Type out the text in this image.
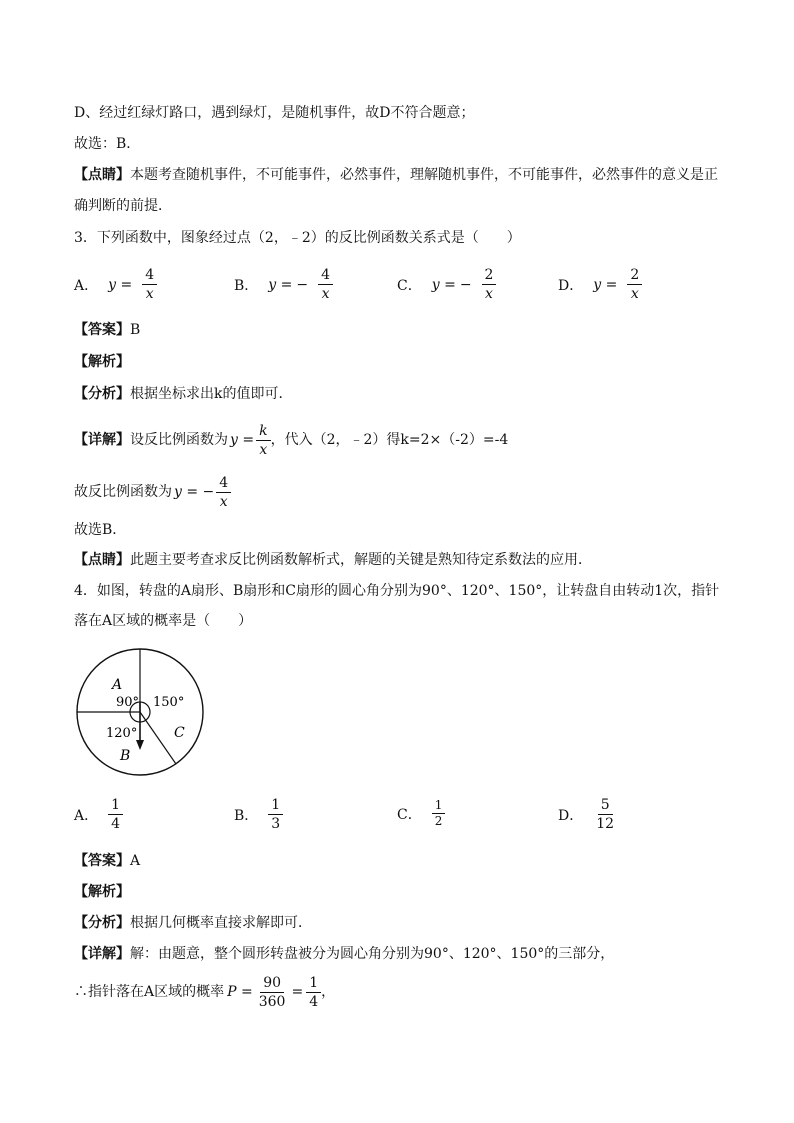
D、经过红绿灯路口，遇到绿灯，是随机事件，故D不符合题意；
故选：B．
【点睛】本题考查随机事件，不可能事件，必然事件，理解随机事件，不可能事件，必然事件的意义是正
确判断的前提．
3．下列函数中，图象经过点（2，﹣2）的反比例函数关系式是（　　）
A． $y = \frac{4}{x}$	B． y = − $\frac{4}{x}$	C． y = − $\frac{2}{x}$	D． $y = \frac{2}{x}$
【答案】B
【解析】
【分析】根据坐标求出k的值即可．
【详解】 设反比例函数为 $y = \frac{k}{x}$ ，代入（2，﹣2）得k=2×（-2）=-4
故反比例函数为 y = − $\frac{4}{x}$
故选B．
【点睛】此题主要考查求反比例函数解析式，解题的关键是熟知待定系数法的应用．
4．如图，转盘的A扇形、B扇形和C扇形的圆心角分别为90°、120°、150°，让转盘自由转动1次，指针
落在A区域的概率是（　　）
A
90° 150°
120°	C
B
A． $\frac{1}{4}$	B． $\frac{1}{3}$	C． $\frac{1}{2}$	D． $\frac{5}{12}$
【答案】A
【解析】
【分析】根据几何概率直接求解即可．
【详解】解：由题意，整个圆形转盘被分为圆心角分别为90°、120°、150°的三部分，
∴指针落在A区域的概率 $P = \frac{90}{360} = \frac{1}{4}$ ，
